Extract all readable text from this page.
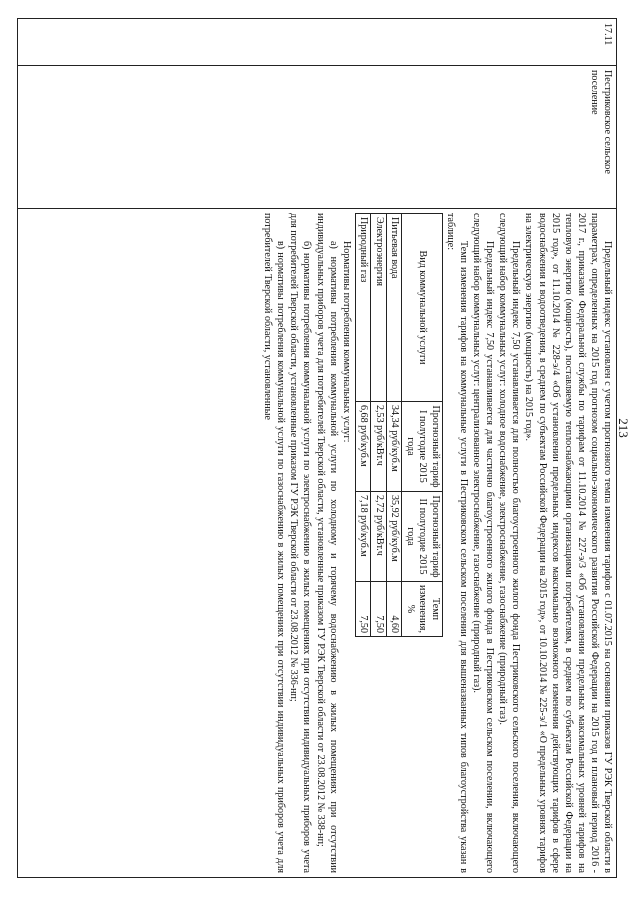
213
17.11	Пестриковское сельское поселение	

Предельный индекс установлен с учетом прогнозного темпа изменения тарифов с 01.07.2015 на основании приказов ГУ РЭК Тверской области в параметрах, определенных на 2015 год прогнозом социально-экономического развития Российской Федерации на 2015 год и плановый период 2016 - 2017 г., приказами Федеральной службы по тарифам от 11.10.2014 № 227-э/3 «Об установлении предельных максимальных уровней тарифов на тепловую энергию (мощность), поставляемую теплоснабжающими организациями потребителям, в среднем по субъектам Российской Федерации на 2015 год», от 11.10.2014 № 228-э/4 «Об установлении предельных индексов максимально возможного изменения действующих тарифов в сфере водоснабжения и водоотведения, в среднем по субъектам Российской Федерации на 2015 год», от 10.10.2014 № 225-э/1 «О предельных уровнях тарифов на электрическую энергию (мощность) на 2015 год».

Предельный индекс 7,50 устанавливается для полностью благоустроенного жилого фонда Пестриковского сельского поселения, включающего следующий набор коммунальных услуг: холодное водоснабжение, электроснабжение, газоснабжение (природный газ).

Предельный индекс 7,50 устанавливается для частично благоустроенного жилого фонда в Пестриковском сельском поселении, включающего следующий набор коммунальных услуг: централизованное электроснабжение, газоснабжение (природный газ).

Темп изменения тарифов на коммунальные услуги в Пестриковском сельском поселении для вышеназванных типов благоустройства указан в таблице:

Вид коммунальной услуги	Прогнозный тариф I полугодие 2015 года	Прогнозный тариф II полугодие 2015 года	Темп изменения, %
Питьевая вода	34,34 руб/куб.м	35,92 руб/куб.м	4,60
Электроэнергия	2,53 руб/кВт.ч	2,72 руб/кВт.ч	7,50
Природный газ	6,68 руб/куб.м	7,18 руб/куб.м	7,50

Нормативы потребления коммунальных услуг:

а) нормативы потребления коммунальной услуги по холодному и горячему водоснабжению в жилых помещениях при отсутствии индивидуальных приборов учета для потребителей Тверской области, установленные приказом ГУ РЭК Тверской области от 23.08.2012 № 338-нп;

б) нормативы потребления коммунальной услуги по электроснабжению в жилых помещениях при отсутствии индивидуальных приборов учета для потребителей Тверской области, установленные приказом ГУ РЭК Тверской области от 23.08.2012 № 336-нп;

в) нормативы потребления коммунальной услуги по газоснабжению в жилых помещениях при отсутствии индивидуальных приборов учета для потребителей Тверской области, установленные
